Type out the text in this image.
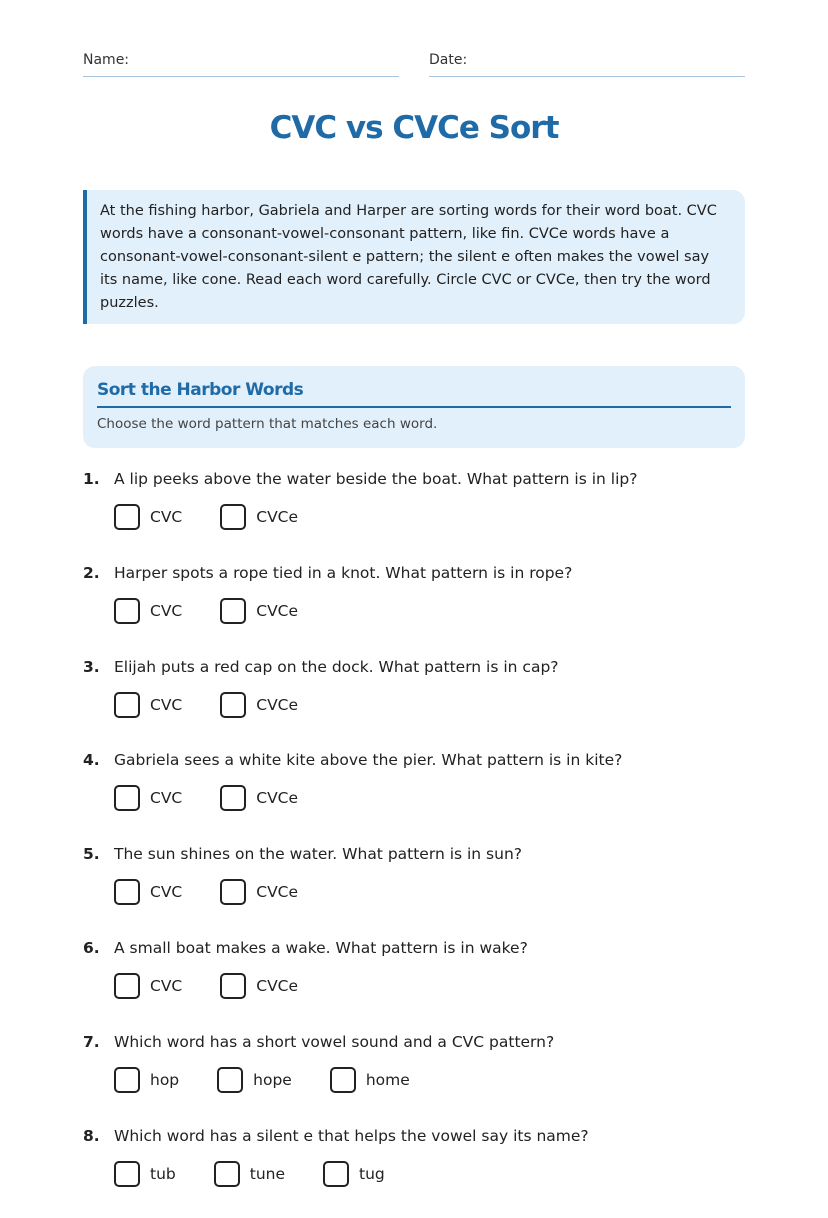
Name:	Date:
CVC vs CVCe Sort
At the fishing harbor, Gabriela and Harper are sorting words for their word boat. CVC words have a consonant-vowel-consonant pattern, like fin. CVCe words have a consonant-vowel-consonant-silent e pattern; the silent e often makes the vowel say its name, like cone. Read each word carefully. Circle CVC or CVCe, then try the word puzzles.
Sort the Harbor Words
Choose the word pattern that matches each word.
1. A lip peeks above the water beside the boat. What pattern is in lip?
CVC	CVCe
2. Harper spots a rope tied in a knot. What pattern is in rope?
CVC	CVCe
3. Elijah puts a red cap on the dock. What pattern is in cap?
CVC	CVCe
4. Gabriela sees a white kite above the pier. What pattern is in kite?
CVC	CVCe
5. The sun shines on the water. What pattern is in sun?
CVC	CVCe
6. A small boat makes a wake. What pattern is in wake?
CVC	CVCe
7. Which word has a short vowel sound and a CVC pattern?
hop	hope	home
8. Which word has a silent e that helps the vowel say its name?
tub	tune	tug
